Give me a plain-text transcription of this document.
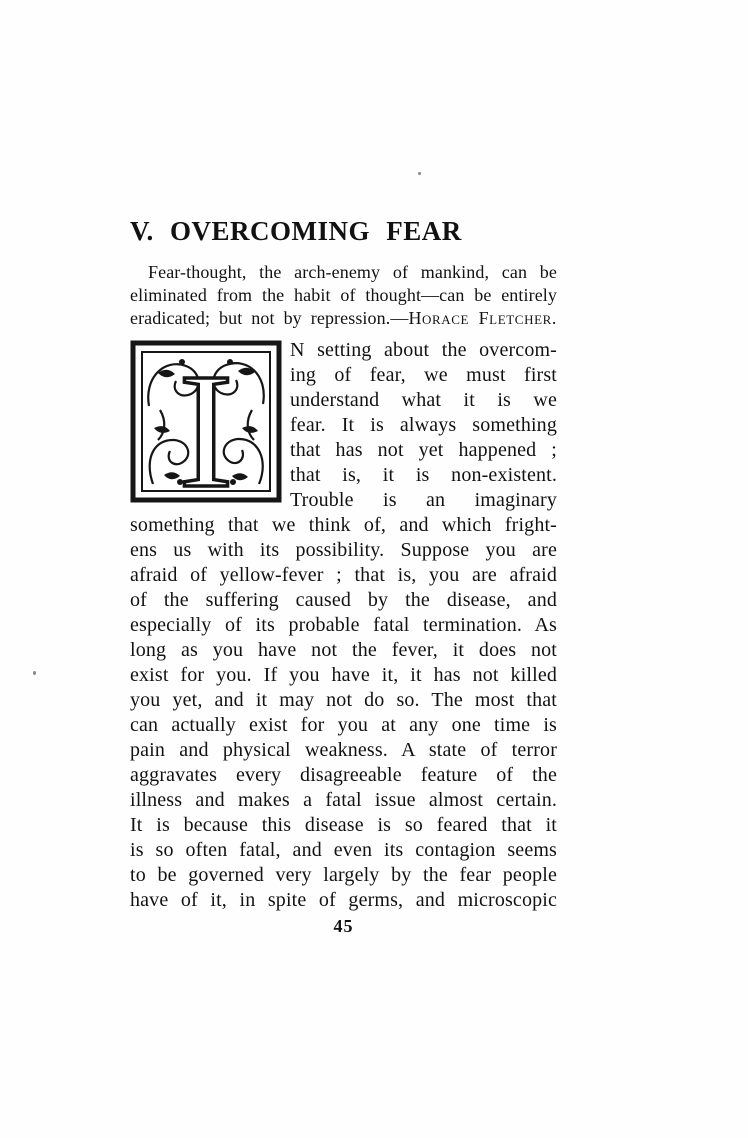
V. OVERCOMING FEAR
Fear-thought, the arch-enemy of mankind, can be
eliminated from the habit of thought—can be entirely
eradicated; but not by repression.—Horace Fletcher.
I	N setting about the overcom-
ing of fear, we must first
understand what it is we
fear. It is always something
that has not yet happened ;
that is, it is non-existent.
Trouble is an imaginary
something that we think of, and which fright-
ens us with its possibility. Suppose you are
afraid of yellow-fever ; that is, you are afraid
of the suffering caused by the disease, and
especially of its probable fatal termination. As
long as you have not the fever, it does not
exist for you. If you have it, it has not killed
you yet, and it may not do so. The most that
can actually exist for you at any one time is
pain and physical weakness. A state of terror
aggravates every disagreeable feature of the
illness and makes a fatal issue almost certain.
It is because this disease is so feared that it
is so often fatal, and even its contagion seems
to be governed very largely by the fear people
have of it, in spite of germs, and microscopic
45
